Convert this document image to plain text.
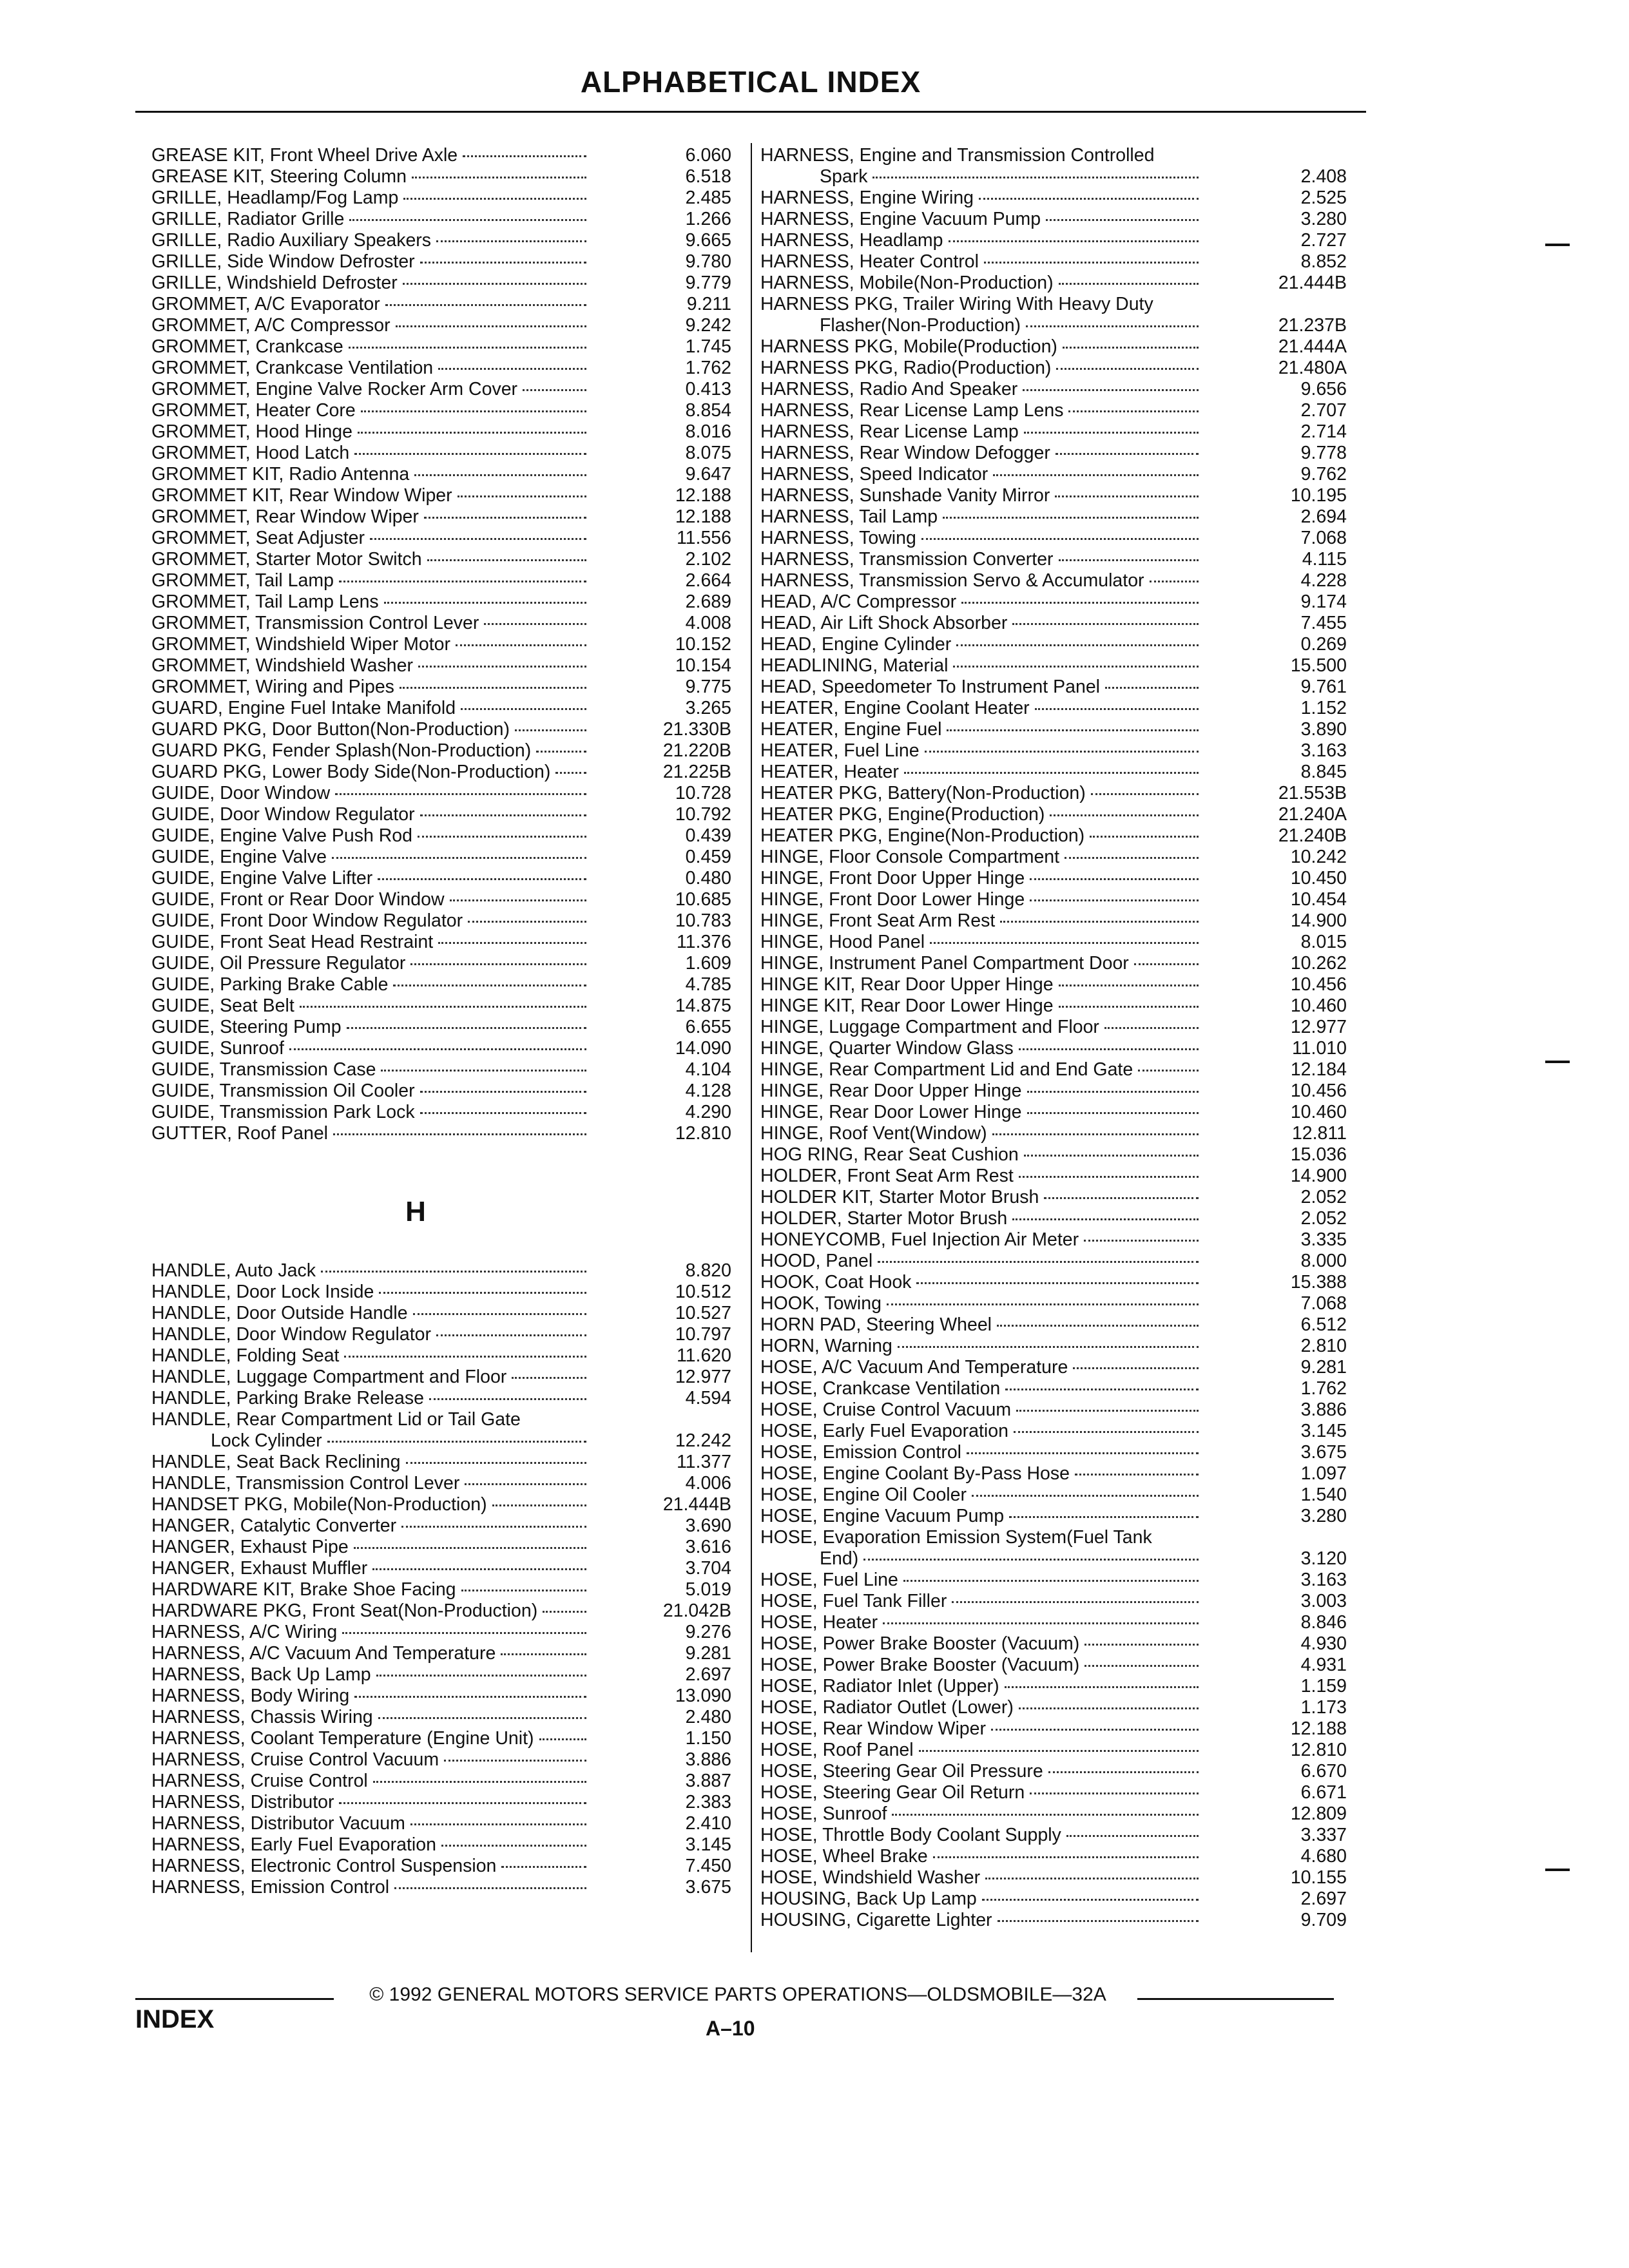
ALPHABETICAL INDEX
GREASE KIT, Front Wheel Drive Axle	6.060
GREASE KIT, Steering Column	6.518
GRILLE, Headlamp/Fog Lamp	2.485
GRILLE, Radiator Grille	1.266
GRILLE, Radio Auxiliary Speakers	9.665
GRILLE, Side Window Defroster	9.780
GRILLE, Windshield Defroster	9.779
GROMMET, A/C Evaporator	9.211
GROMMET, A/C Compressor	9.242
GROMMET, Crankcase	1.745
GROMMET, Crankcase Ventilation	1.762
GROMMET, Engine Valve Rocker Arm Cover	0.413
GROMMET, Heater Core	8.854
GROMMET, Hood Hinge	8.016
GROMMET, Hood Latch	8.075
GROMMET KIT, Radio Antenna	9.647
GROMMET KIT, Rear Window Wiper	12.188
GROMMET, Rear Window Wiper	12.188
GROMMET, Seat Adjuster	11.556
GROMMET, Starter Motor Switch	2.102
GROMMET, Tail Lamp	2.664
GROMMET, Tail Lamp Lens	2.689
GROMMET, Transmission Control Lever	4.008
GROMMET, Windshield Wiper Motor	10.152
GROMMET, Windshield Washer	10.154
GROMMET, Wiring and Pipes	9.775
GUARD, Engine Fuel Intake Manifold	3.265
GUARD PKG, Door Button(Non-Production)	21.330B
GUARD PKG, Fender Splash(Non-Production)	21.220B
GUARD PKG, Lower Body Side(Non-Production)	21.225B
GUIDE, Door Window	10.728
GUIDE, Door Window Regulator	10.792
GUIDE, Engine Valve Push Rod	0.439
GUIDE, Engine Valve	0.459
GUIDE, Engine Valve Lifter	0.480
GUIDE, Front or Rear Door Window	10.685
GUIDE, Front Door Window Regulator	10.783
GUIDE, Front Seat Head Restraint	11.376
GUIDE, Oil Pressure Regulator	1.609
GUIDE, Parking Brake Cable	4.785
GUIDE, Seat Belt	14.875
GUIDE, Steering Pump	6.655
GUIDE, Sunroof	14.090
GUIDE, Transmission Case	4.104
GUIDE, Transmission Oil Cooler	4.128
GUIDE, Transmission Park Lock	4.290
GUTTER, Roof Panel	12.810
H
HANDLE, Auto Jack	8.820
HANDLE, Door Lock Inside	10.512
HANDLE, Door Outside Handle	10.527
HANDLE, Door Window Regulator	10.797
HANDLE, Folding Seat	11.620
HANDLE, Luggage Compartment and Floor	12.977
HANDLE, Parking Brake Release	4.594
HANDLE, Rear Compartment Lid or Tail Gate
Lock Cylinder	12.242
HANDLE, Seat Back Reclining	11.377
HANDLE, Transmission Control Lever	4.006
HANDSET PKG, Mobile(Non-Production)	21.444B
HANGER, Catalytic Converter	3.690
HANGER, Exhaust Pipe	3.616
HANGER, Exhaust Muffler	3.704
HARDWARE KIT, Brake Shoe Facing	5.019
HARDWARE PKG, Front Seat(Non-Production)	21.042B
HARNESS, A/C Wiring	9.276
HARNESS, A/C Vacuum And Temperature	9.281
HARNESS, Back Up Lamp	2.697
HARNESS, Body Wiring	13.090
HARNESS, Chassis Wiring	2.480
HARNESS, Coolant Temperature (Engine Unit)	1.150
HARNESS, Cruise Control Vacuum	3.886
HARNESS, Cruise Control	3.887
HARNESS, Distributor	2.383
HARNESS, Distributor Vacuum	2.410
HARNESS, Early Fuel Evaporation	3.145
HARNESS, Electronic Control Suspension	7.450
HARNESS, Emission Control	3.675
HARNESS, Engine and Transmission Controlled
Spark	2.408
HARNESS, Engine Wiring	2.525
HARNESS, Engine Vacuum Pump	3.280
HARNESS, Headlamp	2.727
HARNESS, Heater Control	8.852
HARNESS, Mobile(Non-Production)	21.444B
HARNESS PKG, Trailer Wiring With Heavy Duty
Flasher(Non-Production)	21.237B
HARNESS PKG, Mobile(Production)	21.444A
HARNESS PKG, Radio(Production)	21.480A
HARNESS, Radio And Speaker	9.656
HARNESS, Rear License Lamp Lens	2.707
HARNESS, Rear License Lamp	2.714
HARNESS, Rear Window Defogger	9.778
HARNESS, Speed Indicator	9.762
HARNESS, Sunshade Vanity Mirror	10.195
HARNESS, Tail Lamp	2.694
HARNESS, Towing	7.068
HARNESS, Transmission Converter	4.115
HARNESS, Transmission Servo & Accumulator	4.228
HEAD, A/C Compressor	9.174
HEAD, Air Lift Shock Absorber	7.455
HEAD, Engine Cylinder	0.269
HEADLINING, Material	15.500
HEAD, Speedometer To Instrument Panel	9.761
HEATER, Engine Coolant Heater	1.152
HEATER, Engine Fuel	3.890
HEATER, Fuel Line	3.163
HEATER, Heater	8.845
HEATER PKG, Battery(Non-Production)	21.553B
HEATER PKG, Engine(Production)	21.240A
HEATER PKG, Engine(Non-Production)	21.240B
HINGE, Floor Console Compartment	10.242
HINGE, Front Door Upper Hinge	10.450
HINGE, Front Door Lower Hinge	10.454
HINGE, Front Seat Arm Rest	14.900
HINGE, Hood Panel	8.015
HINGE, Instrument Panel Compartment Door	10.262
HINGE KIT, Rear Door Upper Hinge	10.456
HINGE KIT, Rear Door Lower Hinge	10.460
HINGE, Luggage Compartment and Floor	12.977
HINGE, Quarter Window Glass	11.010
HINGE, Rear Compartment Lid and End Gate	12.184
HINGE, Rear Door Upper Hinge	10.456
HINGE, Rear Door Lower Hinge	10.460
HINGE, Roof Vent(Window)	12.811
HOG RING, Rear Seat Cushion	15.036
HOLDER, Front Seat Arm Rest	14.900
HOLDER KIT, Starter Motor Brush	2.052
HOLDER, Starter Motor Brush	2.052
HONEYCOMB, Fuel Injection Air Meter	3.335
HOOD, Panel	8.000
HOOK, Coat Hook	15.388
HOOK, Towing	7.068
HORN PAD, Steering Wheel	6.512
HORN, Warning	2.810
HOSE, A/C Vacuum And Temperature	9.281
HOSE, Crankcase Ventilation	1.762
HOSE, Cruise Control Vacuum	3.886
HOSE, Early Fuel Evaporation	3.145
HOSE, Emission Control	3.675
HOSE, Engine Coolant By-Pass Hose	1.097
HOSE, Engine Oil Cooler	1.540
HOSE, Engine Vacuum Pump	3.280
HOSE, Evaporation Emission System(Fuel Tank
End)	3.120
HOSE, Fuel Line	3.163
HOSE, Fuel Tank Filler	3.003
HOSE, Heater	8.846
HOSE, Power Brake Booster (Vacuum)	4.930
HOSE, Power Brake Booster (Vacuum)	4.931
HOSE, Radiator Inlet (Upper)	1.159
HOSE, Radiator Outlet (Lower)	1.173
HOSE, Rear Window Wiper	12.188
HOSE, Roof Panel	12.810
HOSE, Steering Gear Oil Pressure	6.670
HOSE, Steering Gear Oil Return	6.671
HOSE, Sunroof	12.809
HOSE, Throttle Body Coolant Supply	3.337
HOSE, Wheel Brake	4.680
HOSE, Windshield Washer	10.155
HOUSING, Back Up Lamp	2.697
HOUSING, Cigarette Lighter	9.709
© 1992 GENERAL MOTORS SERVICE PARTS OPERATIONS—OLDSMOBILE—32A
INDEX	A–10
